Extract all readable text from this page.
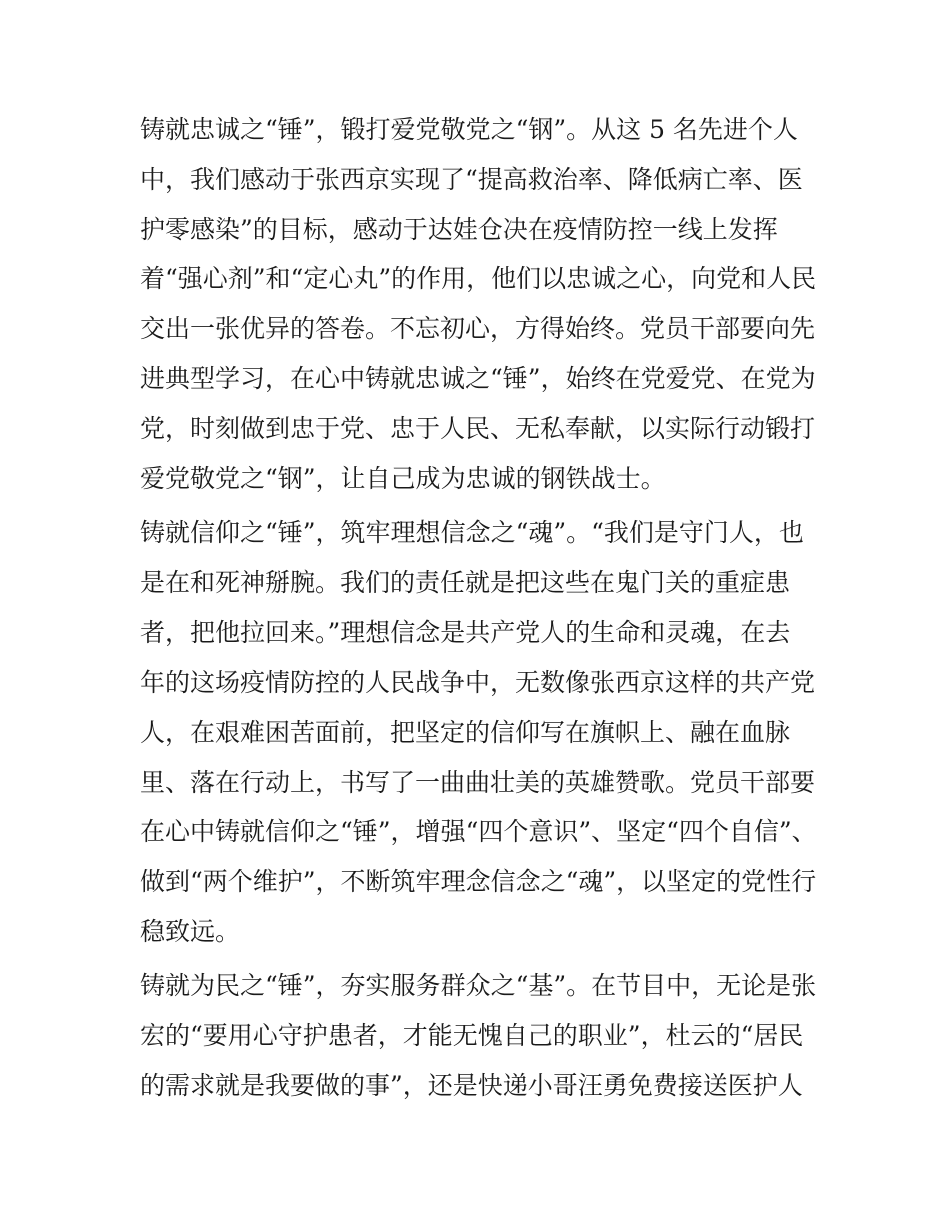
铸就忠诚之“锤”，锻打爱党敬党之“钢”。从这 5 名先进个人
中，我们感动于张西京实现了“提高救治率、降低病亡率、医
护零感染”的目标，感动于达娃仓决在疫情防控一线上发挥
着“强心剂”和“定心丸”的作用，他们以忠诚之心，向党和人民
交出一张优异的答卷。不忘初心，方得始终。党员干部要向先
进典型学习，在心中铸就忠诚之“锤”，始终在党爱党、在党为
党，时刻做到忠于党、忠于人民、无私奉献，以实际行动锻打
爱党敬党之“钢”，让自己成为忠诚的钢铁战士。
铸就信仰之“锤”，筑牢理想信念之“魂”。“我们是守门人，也
是在和死神掰腕。我们的责任就是把这些在鬼门关的重症患
者，把他拉回来。”理想信念是共产党人的生命和灵魂，在去
年的这场疫情防控的人民战争中，无数像张西京这样的共产党
人，在艰难困苦面前，把坚定的信仰写在旗帜上、融在血脉
里、落在行动上，书写了一曲曲壮美的英雄赞歌。党员干部要
在心中铸就信仰之“锤”，增强“四个意识”、坚定“四个自信”、
做到“两个维护”，不断筑牢理念信念之“魂”，以坚定的党性行
稳致远。
铸就为民之“锤”，夯实服务群众之“基”。在节目中，无论是张
宏的“要用心守护患者，才能无愧自己的职业”，杜云的“居民
的需求就是我要做的事”，还是快递小哥汪勇免费接送医护人
